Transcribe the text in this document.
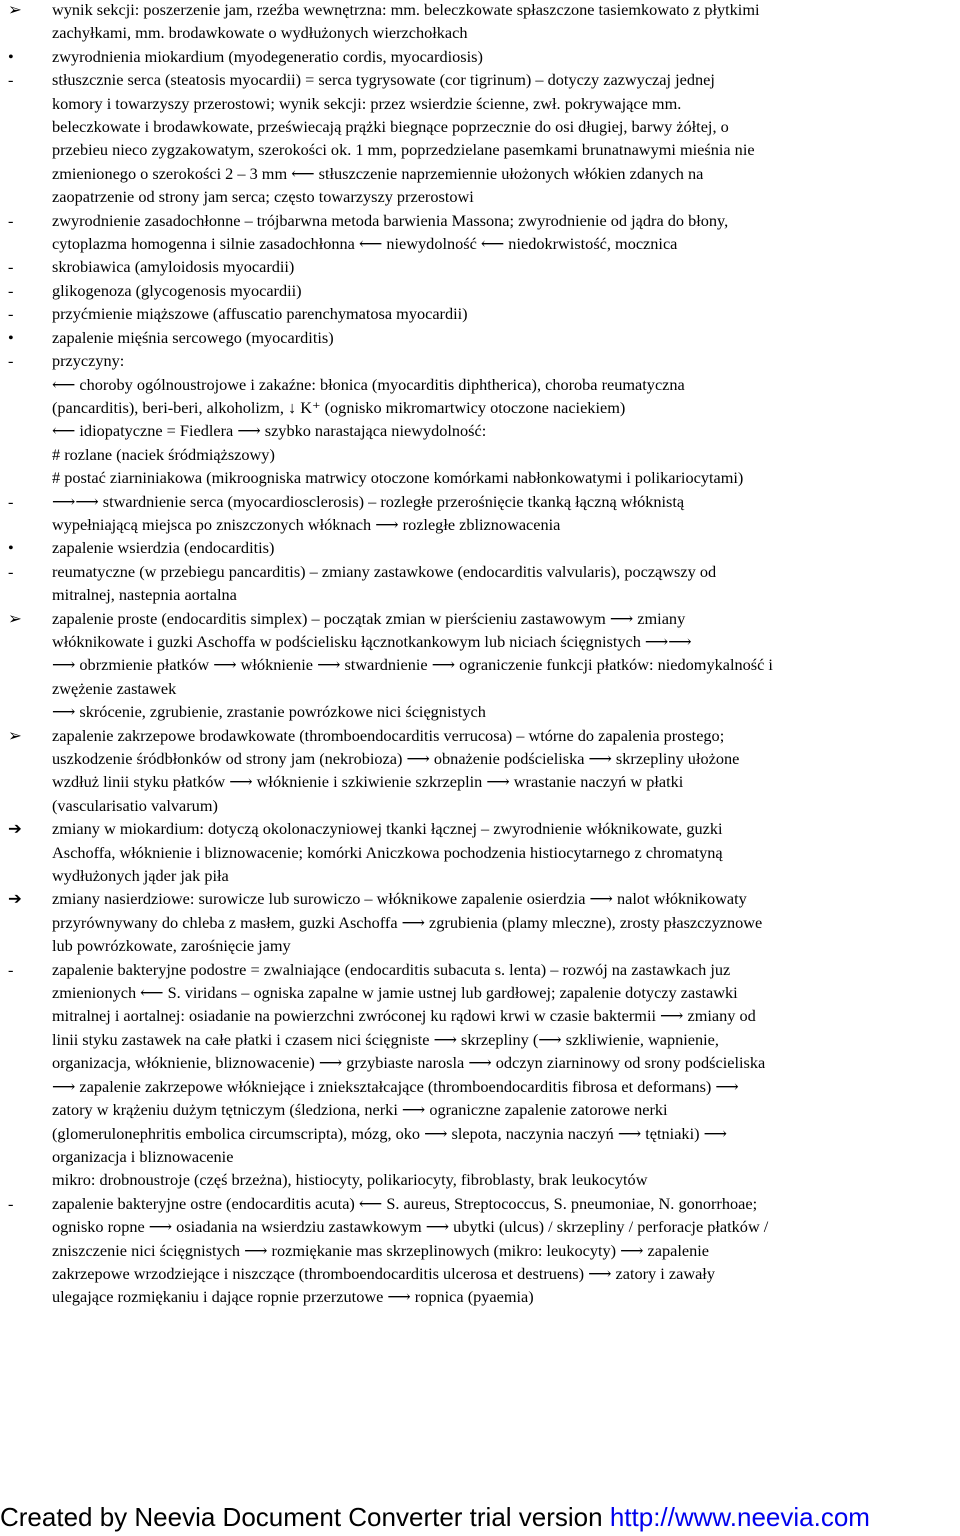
➢	wynik sekcji: poszerzenie jam, rzeźba wewnętrzna: mm. beleczkowate spłaszczone tasiemkowato z płytkimi
zachyłkami, mm. brodawkowate o wydłużonych wierzchołkach
•	zwyrodnienia miokardium (myodegeneratio cordis, myocardiosis)
-	stłuszcznie serca (steatosis myocardii) = serca tygrysowate (cor tigrinum) – dotyczy zazwyczaj jednej
komory i towarzyszy przerostowi; wynik sekcji: przez wsierdzie ścienne, zwł. pokrywające mm.
beleczkowate i brodawkowate, przeświecają prążki biegnące poprzecznie do osi długiej, barwy żółtej, o
przebieu nieco zygzakowatym, szerokości ok. 1 mm, poprzedzielane pasemkami brunatnawymi mieśnia nie
zmienionego o szerokości 2 – 3 mm ⟵ stłuszczenie naprzemiennie ułożonych włókien zdanych na
zaopatrzenie od strony jam serca; często towarzyszy przerostowi
-	zwyrodnienie zasadochłonne – trójbarwna metoda barwienia Massona; zwyrodnienie od jądra do błony,
cytoplazma homogenna i silnie zasadochłonna ⟵ niewydolność ⟵ niedokrwistość, mocznica
-	skrobiawica (amyloidosis myocardii)
-	glikogenoza (glycogenosis myocardii)
-	przyćmienie miąższowe (affuscatio parenchymatosa myocardii)
•	zapalenie mięśnia sercowego (myocarditis)
-	przyczyny:
⟵ choroby ogólnoustrojowe i zakaźne: błonica (myocarditis diphtherica), choroba reumatyczna
(pancarditis), beri-beri, alkoholizm, ↓ K⁺ (ognisko mikromartwicy otoczone naciekiem)
⟵ idiopatyczne = Fiedlera ⟶ szybko narastająca niewydolność:
# rozlane (naciek śródmiąższowy)
# postać ziarniniakowa (mikroogniska matrwicy otoczone komórkami nabłonkowatymi i polikariocytami)
-	⟶⟶ stwardnienie serca (myocardiosclerosis) – rozległe przerośnięcie tkanką łączną włóknistą
wypełniającą miejsca po zniszczonych włóknach ⟶ rozległe zbliznowacenia
•	zapalenie wsierdzia (endocarditis)
-	reumatyczne (w przebiegu pancarditis) – zmiany zastawkowe (endocarditis valvularis), począwszy od
mitralnej, nastepnia aortalna
➢	zapalenie proste (endocarditis simplex) – początak zmian w pierścieniu zastawowym ⟶ zmiany
włóknikowate i guzki Aschoffa w podścielisku łącznotkankowym lub niciach ścięgnistych ⟶⟶
⟶ obrzmienie płatków ⟶ włóknienie ⟶ stwardnienie ⟶ ograniczenie funkcji płatków: niedomykalność i
zwężenie zastawek
⟶ skrócenie, zgrubienie, zrastanie powrózkowe nici ścięgnistych
➢	zapalenie zakrzepowe brodawkowate (thromboendocarditis verrucosa) – wtórne do zapalenia prostego;
uszkodzenie śródbłonków od strony jam (nekrobioza) ⟶ obnażenie podścieliska ⟶ skrzepliny ułożone
wzdłuż linii styku płatków ⟶ włóknienie i szkiwienie szkrzeplin ⟶ wrastanie naczyń w płatki
(vascularisatio valvarum)
➔	zmiany w miokardium: dotyczą okolonaczyniowej tkanki łącznej – zwyrodnienie włóknikowate, guzki
Aschoffa, włóknienie i bliznowacenie; komórki Aniczkowa pochodzenia histiocytarnego z chromatyną
wydłużonych jąder jak piła
➔	zmiany nasierdziowe: surowicze lub surowiczo – włóknikowe zapalenie osierdzia ⟶ nalot włóknikowaty
przyrównywany do chleba z masłem, guzki Aschoffa ⟶ zgrubienia (plamy mleczne), zrosty płaszczyznowe
lub powrózkowate, zarośnięcie jamy
-	zapalenie bakteryjne podostre = zwalniające (endocarditis subacuta s. lenta) – rozwój na zastawkach juz
zmienionych ⟵ S. viridans – ogniska zapalne w jamie ustnej lub gardłowej; zapalenie dotyczy zastawki
mitralnej i aortalnej: osiadanie na powierzchni zwróconej ku rądowi krwi w czasie baktermii ⟶ zmiany od
linii styku zastawek na całe płatki i czasem nici ścięgniste ⟶ skrzepliny (⟶ szkliwienie, wapnienie,
organizacja, włóknienie, bliznowacenie) ⟶ grzybiaste narosla ⟶ odczyn ziarninowy od srony podścieliska
⟶ zapalenie zakrzepowe włókniejące i zniekształcające (thromboendocarditis fibrosa et deformans) ⟶
zatory w krążeniu dużym tętniczym (śledziona, nerki ⟶ ograniczne zapalenie zatorowe nerki
(glomerulonephritis embolica circumscripta), mózg, oko ⟶ slepota, naczynia naczyń ⟶ tętniaki) ⟶
organizacja i bliznowacenie
mikro: drobnoustroje (częś brzeżna), histiocyty, polikariocyty, fibroblasty, brak leukocytów
-	zapalenie bakteryjne ostre (endocarditis acuta) ⟵ S. aureus, Streptococcus, S. pneumoniae, N. gonorrhoae;
ognisko ropne ⟶ osiadania na wsierdziu zastawkowym ⟶ ubytki (ulcus) / skrzepliny / perforacje płatków /
zniszczenie nici ścięgnistych ⟶ rozmiękanie mas skrzeplinowych (mikro: leukocyty) ⟶ zapalenie
zakrzepowe wrzodziejące i niszczące (thromboendocarditis ulcerosa et destruens) ⟶ zatory i zawały
ulegające rozmiękaniu i dające ropnie przerzutowe ⟶ ropnica (pyaemia)
Created by Neevia Document Converter trial version http://www.neevia.com
